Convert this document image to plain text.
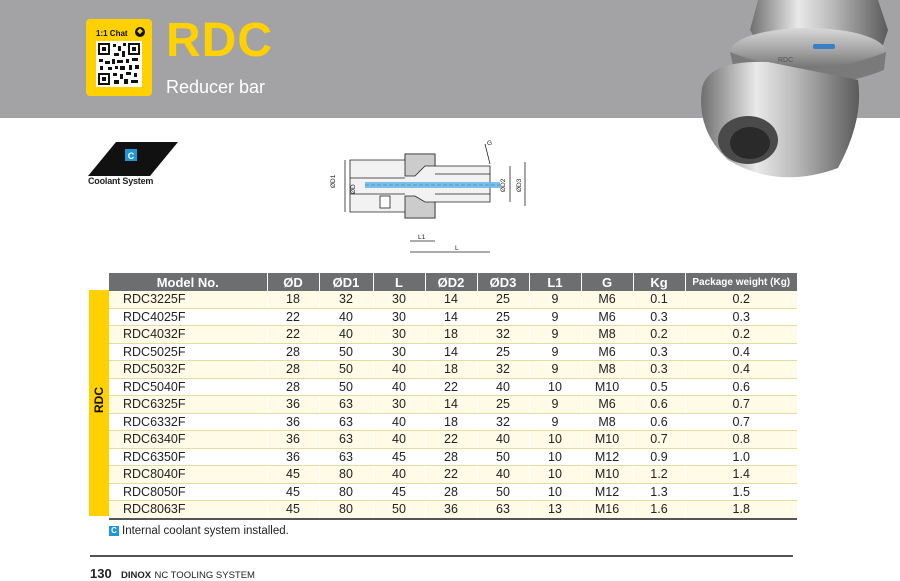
1:1 Chat	◆ RDC
Reducer bar
RDC
C
Coolant System
G
ØD1
ØD	ØD2 ØD3
L1
L
RDC
Model No.	ØD	ØD1	L	ØD2	ØD3	L1	G	Kg	Package weight (Kg)
RDC3225F	18	32	30	14	25	9	M6	0.1	0.2
RDC4025F	22	40	30	14	25	9	M6	0.3	0.3
RDC4032F	22	40	30	18	32	9	M8	0.2	0.2
RDC5025F	28	50	30	14	25	9	M6	0.3	0.4
RDC5032F	28	50	40	18	32	9	M8	0.3	0.4
RDC5040F	28	50	40	22	40	10	M10	0.5	0.6
RDC6325F	36	63	30	14	25	9	M6	0.6	0.7
RDC6332F	36	63	40	18	32	9	M8	0.6	0.7
RDC6340F	36	63	40	22	40	10	M10	0.7	0.8
RDC6350F	36	63	45	28	50	10	M12	0.9	1.0
RDC8040F	45	80	40	22	40	10	M10	1.2	1.4
RDC8050F	45	80	45	28	50	10	M12	1.3	1.5
RDC8063F	45	80	50	36	63	13	M16	1.6	1.8
C Internal coolant system installed.
130 DINOX NC TOOLING SYSTEM
